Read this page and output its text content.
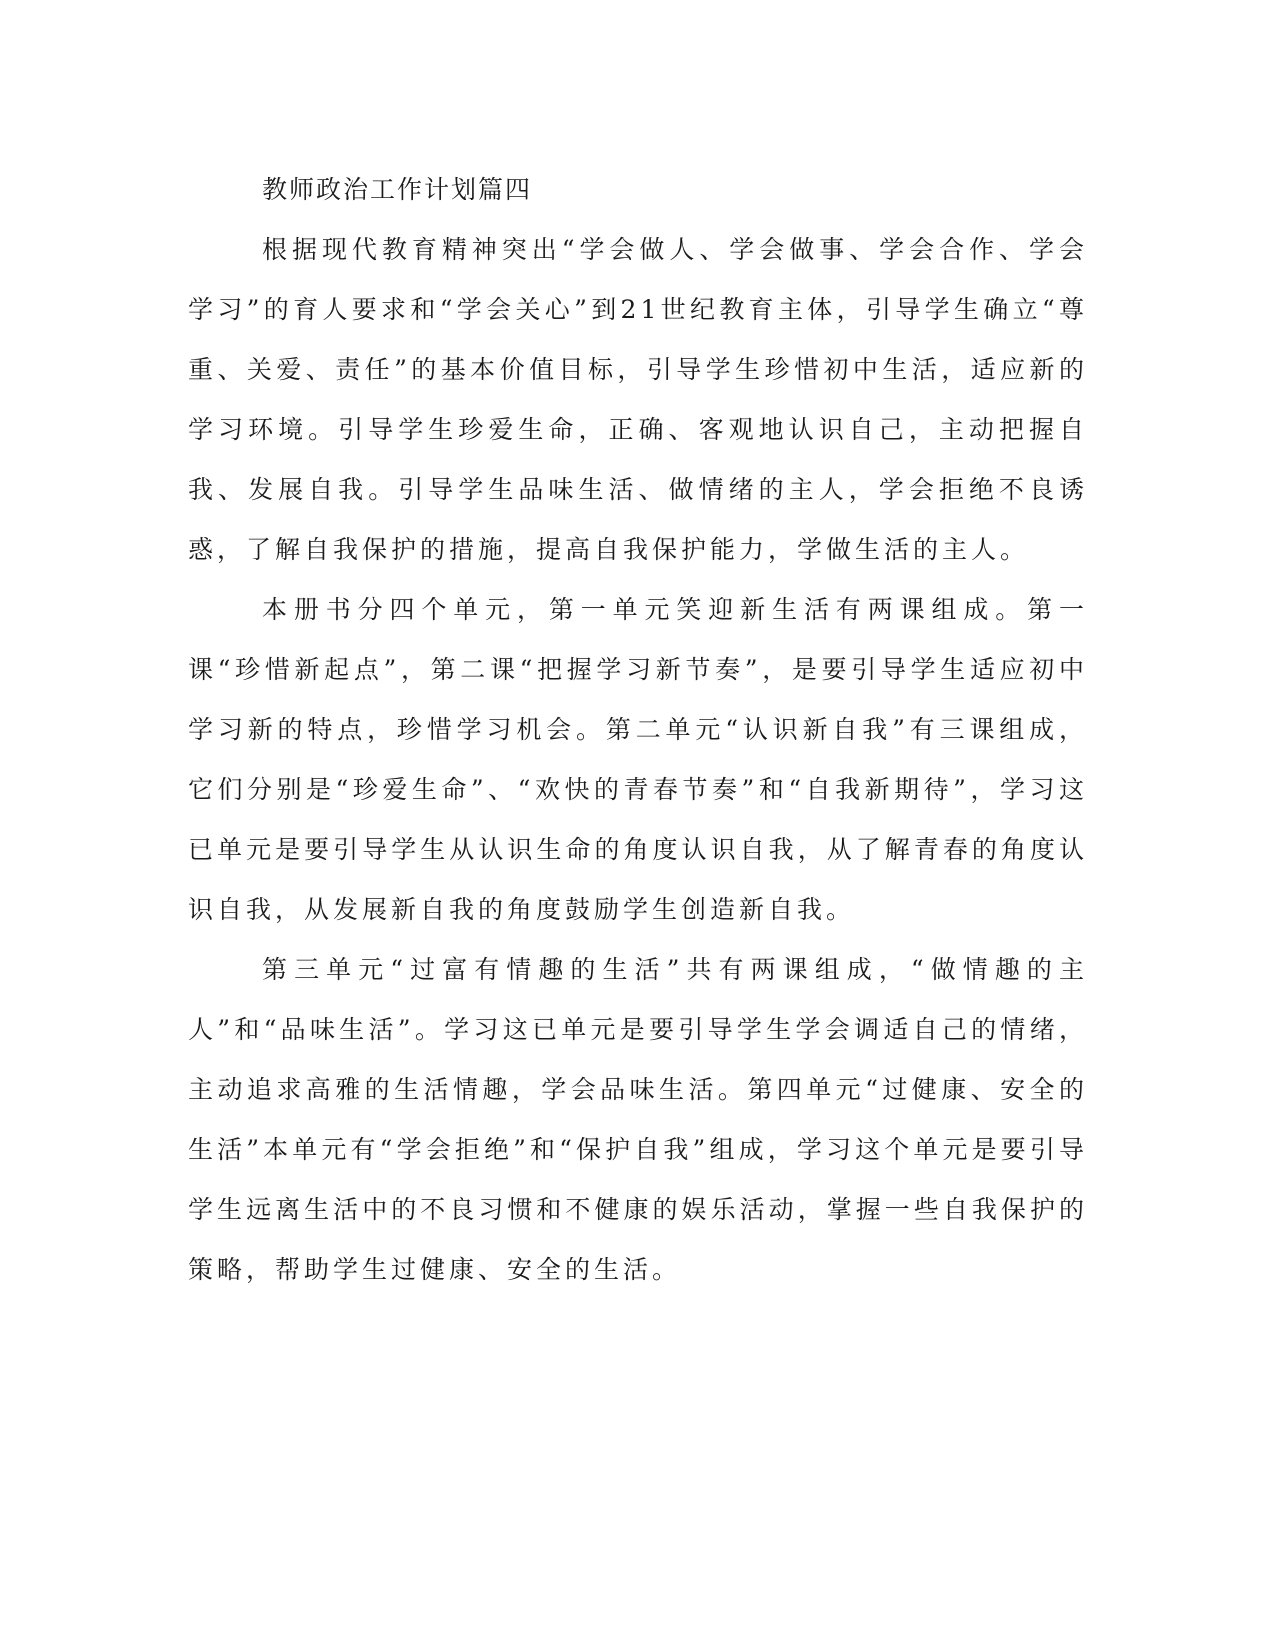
教师政治工作计划篇四

根据现代教育精神突出“学会做人、学会做事、学会合作、学会学习”的育人要求和“学会关心”到21世纪教育主体，引导学生确立“尊重、关爱、责任”的基本价值目标，引导学生珍惜初中生活，适应新的学习环境。引导学生珍爱生命，正确、客观地认识自己，主动把握自我、发展自我。引导学生品味生活、做情绪的主人，学会拒绝不良诱惑，了解自我保护的措施，提高自我保护能力，学做生活的主人。

本册书分四个单元，第一单元笑迎新生活有两课组成。第一课“珍惜新起点”，第二课“把握学习新节奏”，是要引导学生适应初中学习新的特点，珍惜学习机会。第二单元“认识新自我”有三课组成，它们分别是“珍爱生命”、“欢快的青春节奏”和“自我新期待”，学习这已单元是要引导学生从认识生命的角度认识自我，从了解青春的角度认识自我，从发展新自我的角度鼓励学生创造新自我。

第三单元“过富有情趣的生活”共有两课组成，“做情趣的主人”和“品味生活”。学习这已单元是要引导学生学会调适自己的情绪，主动追求高雅的生活情趣，学会品味生活。第四单元“过健康、安全的生活”本单元有“学会拒绝”和“保护自我”组成，学习这个单元是要引导学生远离生活中的不良习惯和不健康的娱乐活动，掌握一些自我保护的策略，帮助学生过健康、安全的生活。
